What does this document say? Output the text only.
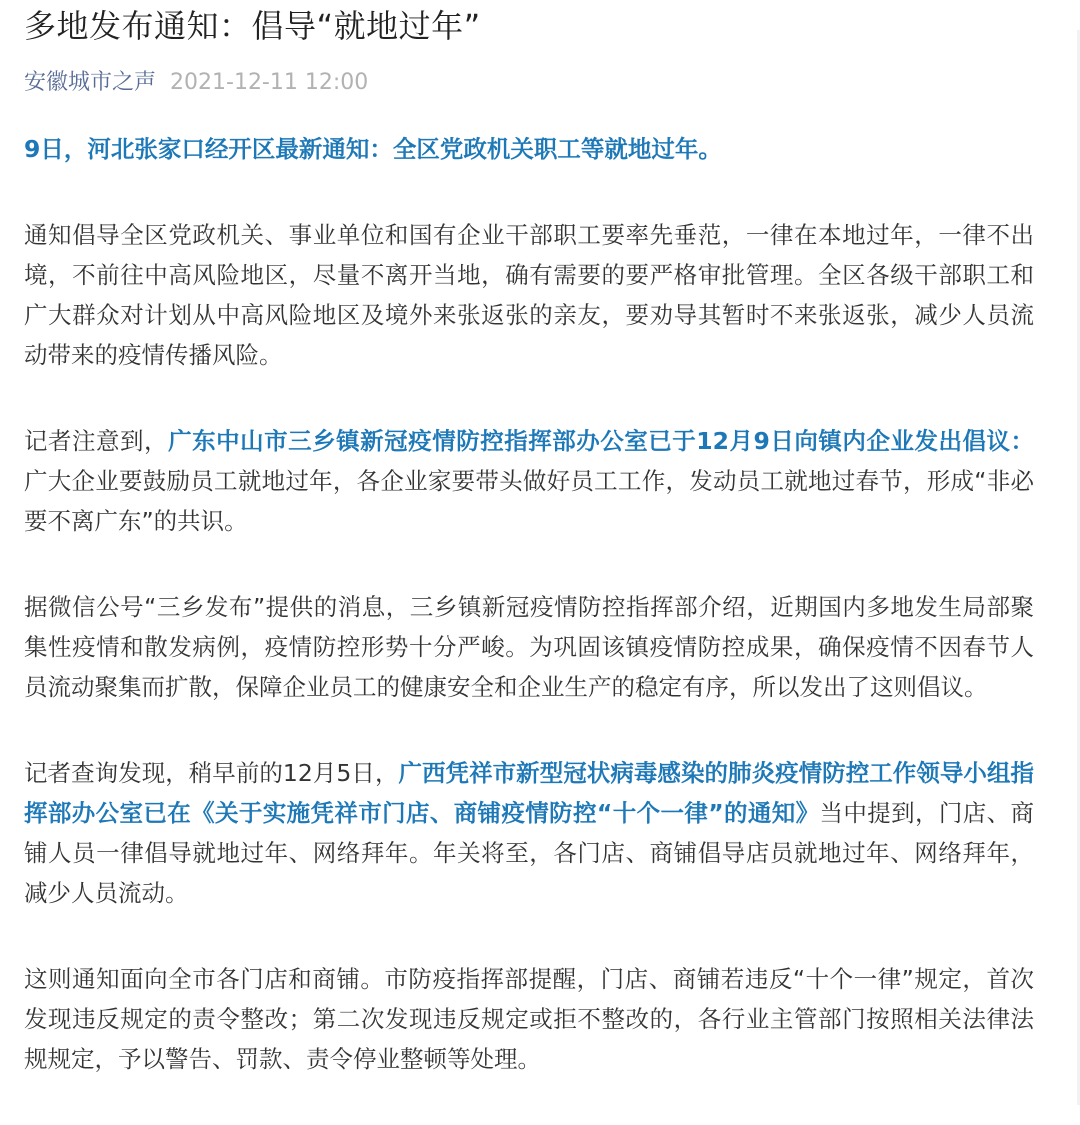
多地发布通知：倡导“就地过年”
安徽城市之声 2021-12-11 12:00

9日，河北张家口经开区最新通知：全区党政机关职工等就地过年。

通知倡导全区党政机关、事业单位和国有企业干部职工要率先垂范，一律在本地过年，一律不出境，不前往中高风险地区，尽量不离开当地，确有需要的要严格审批管理。全区各级干部职工和广大群众对计划从中高风险地区及境外来张返张的亲友，要劝导其暂时不来张返张，减少人员流动带来的疫情传播风险。

记者注意到，广东中山市三乡镇新冠疫情防控指挥部办公室已于12月9日向镇内企业发出倡议：广大企业要鼓励员工就地过年，各企业家要带头做好员工工作，发动员工就地过春节，形成“非必要不离广东”的共识。

据微信公号“三乡发布”提供的消息，三乡镇新冠疫情防控指挥部介绍，近期国内多地发生局部聚集性疫情和散发病例，疫情防控形势十分严峻。为巩固该镇疫情防控成果，确保疫情不因春节人员流动聚集而扩散，保障企业员工的健康安全和企业生产的稳定有序，所以发出了这则倡议。

记者查询发现，稍早前的12月5日，广西凭祥市新型冠状病毒感染的肺炎疫情防控工作领导小组指挥部办公室已在《关于实施凭祥市门店、商铺疫情防控“十个一律”的通知》当中提到，门店、商铺人员一律倡导就地过年、网络拜年。年关将至，各门店、商铺倡导店员就地过年、网络拜年，减少人员流动。

这则通知面向全市各门店和商铺。市防疫指挥部提醒，门店、商铺若违反“十个一律”规定，首次发现违反规定的责令整改；第二次发现违反规定或拒不整改的，各行业主管部门按照相关法律法规规定，予以警告、罚款、责令停业整顿等处理。
